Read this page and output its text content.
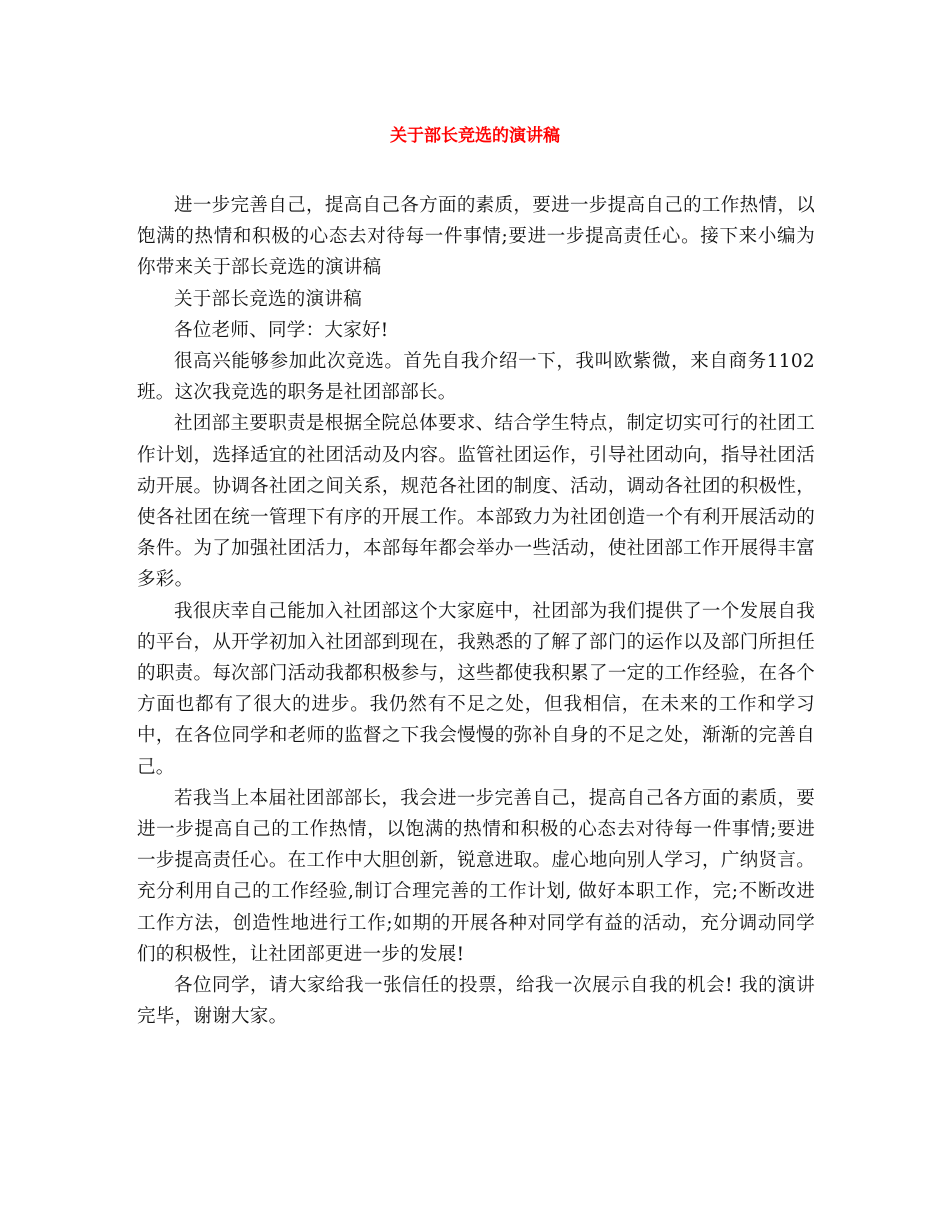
关于部长竞选的演讲稿

进一步完善自己，提高自己各方面的素质，要进一步提高自己的工作热情，以饱满的热情和积极的心态去对待每一件事情;要进一步提高责任心。接下来小编为你带来关于部长竞选的演讲稿

关于部长竞选的演讲稿

各位老师、同学：大家好!

很高兴能够参加此次竞选。首先自我介绍一下，我叫欧紫微，来自商务1102班。这次我竞选的职务是社团部部长。

社团部主要职责是根据全院总体要求、结合学生特点，制定切实可行的社团工作计划，选择适宜的社团活动及内容。监管社团运作，引导社团动向，指导社团活动开展。协调各社团之间关系，规范各社团的制度、活动，调动各社团的积极性，使各社团在统一管理下有序的开展工作。本部致力为社团创造一个有利开展活动的条件。为了加强社团活力，本部每年都会举办一些活动，使社团部工作开展得丰富多彩。

我很庆幸自己能加入社团部这个大家庭中，社团部为我们提供了一个发展自我的平台，从开学初加入社团部到现在，我熟悉的了解了部门的运作以及部门所担任的职责。每次部门活动我都积极参与，这些都使我积累了一定的工作经验，在各个方面也都有了很大的进步。我仍然有不足之处，但我相信，在未来的工作和学习中，在各位同学和老师的监督之下我会慢慢的弥补自身的不足之处，渐渐的完善自己。

若我当上本届社团部部长，我会进一步完善自己，提高自己各方面的素质，要进一步提高自己的工作热情，以饱满的热情和积极的心态去对待每一件事情;要进一步提高责任心。在工作中大胆创新，锐意进取。虚心地向别人学习，广纳贤言。充分利用自己的工作经验,制订合理完善的工作计划, 做好本职工作，完;不断改进工作方法，创造性地进行工作;如期的开展各种对同学有益的活动，充分调动同学们的积极性，让社团部更进一步的发展!

各位同学，请大家给我一张信任的投票，给我一次展示自我的机会! 我的演讲完毕，谢谢大家。
